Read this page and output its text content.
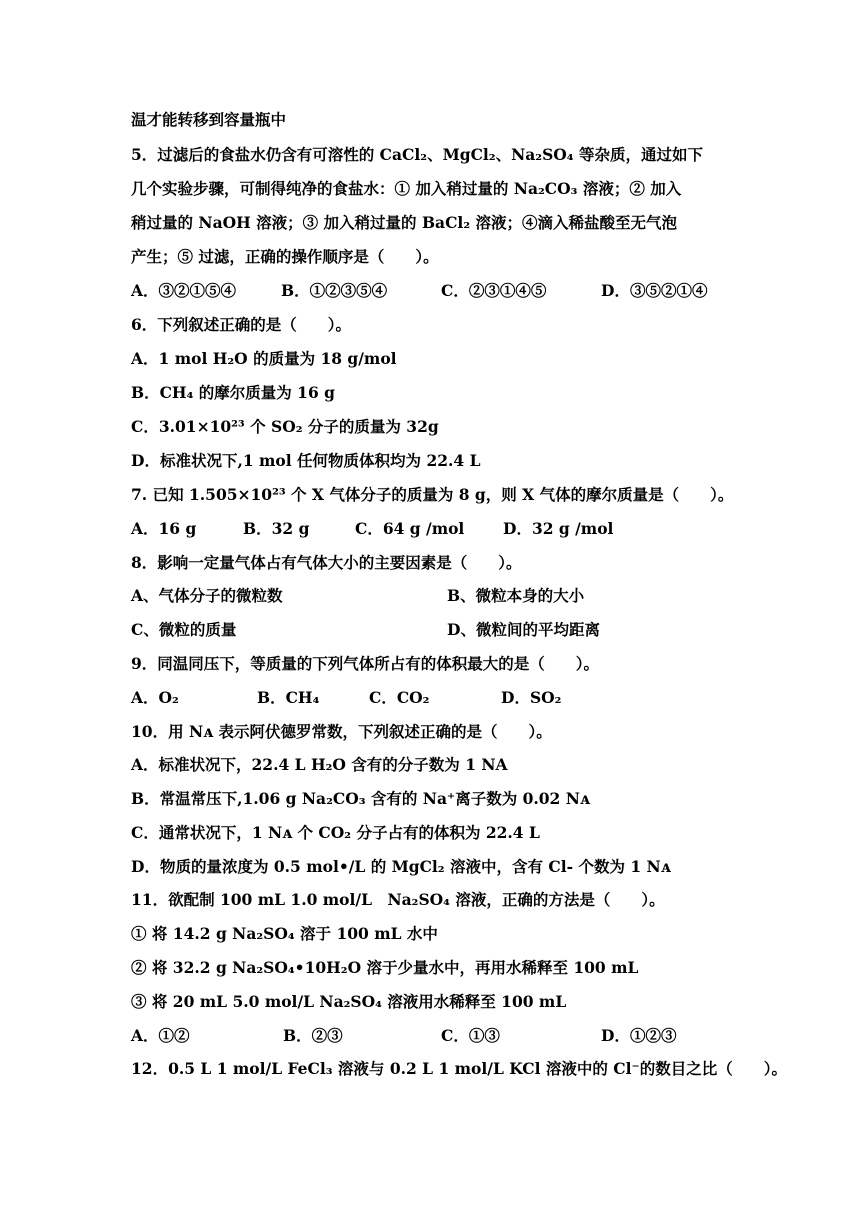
温才能转移到容量瓶中
5．过滤后的食盐水仍含有可溶性的 CaCl₂、MgCl₂、Na₂SO₄ 等杂质，通过如下
几个实验步骤，可制得纯净的食盐水：① 加入稍过量的 Na₂CO₃ 溶液；② 加入
稍过量的 NaOH 溶液；③ 加入稍过量的 BaCl₂ 溶液；④滴入稀盐酸至无气泡
产生；⑤ 过滤，正确的操作顺序是（　　）。
A．③②①⑤④	B．①②③⑤④	C．②③①④⑤	D．③⑤②①④
6．下列叙述正确的是（　　）。
A．1 mol H₂O 的质量为 18 g/mol
B．CH₄ 的摩尔质量为 16 g
C．3.01×10²³ 个 SO₂ 分子的质量为 32g
D．标准状况下,1 mol 任何物质体积均为 22.4 L
7. 已知 1.505×10²³ 个 X 气体分子的质量为 8 g，则 X 气体的摩尔质量是（　　）。
A．16 g	B．32 g	C．64 g /mol	D．32 g /mol
8．影响一定量气体占有气体大小的主要因素是（　　）。
A、气体分子的微粒数	B、微粒本身的大小
C、微粒的质量	D、微粒间的平均距离
9．同温同压下，等质量的下列气体所占有的体积最大的是（　　）。
A．O₂	B．CH₄	C．CO₂	D．SO₂
10．用 Nᴀ 表示阿伏德罗常数，下列叙述正确的是（　　）。
A．标准状况下，22.4 L H₂O 含有的分子数为 1 NA
B．常温常压下,1.06 g Na₂CO₃ 含有的 Na⁺离子数为 0.02 Nᴀ
C．通常状况下，1 Nᴀ 个 CO₂ 分子占有的体积为 22.4 L
D．物质的量浓度为 0.5 mol•/L 的 MgCl₂ 溶液中，含有 Cl- 个数为 1 Nᴀ
11．欲配制 100 mL 1.0 mol/L　Na₂SO₄ 溶液，正确的方法是（　　）。
① 将 14.2 g Na₂SO₄ 溶于 100 mL 水中
② 将 32.2 g Na₂SO₄•10H₂O 溶于少量水中，再用水稀释至 100 mL
③ 将 20 mL 5.0 mol/L Na₂SO₄ 溶液用水稀释至 100 mL
A．①②	B．②③	C．①③	D．①②③
12．0.5 L 1 mol/L FeCl₃ 溶液与 0.2 L 1 mol/L KCl 溶液中的 Cl⁻的数目之比（　　）。
